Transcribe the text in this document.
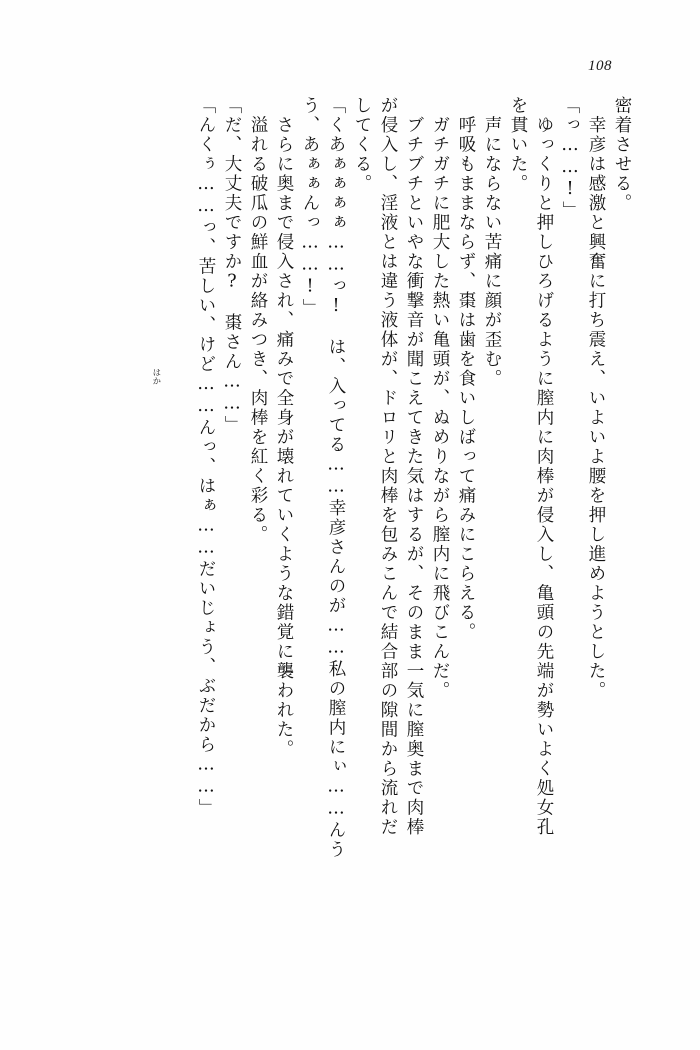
108
密着させる。
　幸彦は感激と興奮に打ち震え、いよいよ腰を押し進めようとした。
「っ……!」
　ゆっくりと押しひろげるように膣内に肉棒が侵入し、亀頭の先端が勢いよく処女孔
を貫いた。
　声にならない苦痛に顔が歪む。
　呼吸もままならず、棗は歯を食いしばって痛みにこらえる。
　ガチガチに肥大した熱い亀頭が、ぬめりながら膣内に飛びこんだ。
　ブチブチといやな衝撃音が聞こえてきた気はするが、そのまま一気に膣奥まで肉棒
が侵入し、淫液とは違う液体が、ドロリと肉棒を包みこんで結合部の隙間から流れだ
してくる。
「くあぁぁぁぁ……っ!　は、入ってる……幸彦さんのが……私の膣内にぃ……んう
う、あぁぁんっ……!」
　さらに奥まで侵入され、痛みで全身が壊れていくような錯覚に襲われた。
　溢れる破瓜の鮮血が絡みつき、肉棒を紅く彩る。
「だ、大丈夫ですか?　棗さん……」
「んくぅ……っ、苦しい、けど……んっ、はぁ……だいじょう、ぶだから……」
はか
